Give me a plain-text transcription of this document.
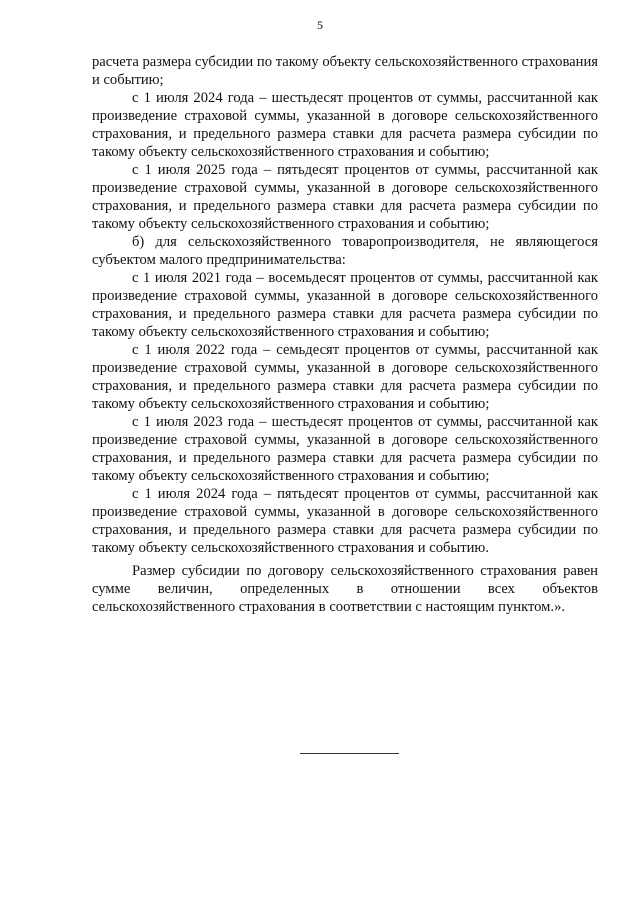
5

расчета размера субсидии по такому объекту сельскохозяйственного страхования и событию;

с 1 июля 2024 года – шестьдесят процентов от суммы, рассчитанной как произведение страховой суммы, указанной в договоре сельскохозяйственного страхования, и предельного размера ставки для расчета размера субсидии по такому объекту сельскохозяйственного страхования и событию;

с 1 июля 2025 года – пятьдесят процентов от суммы, рассчитанной как произведение страховой суммы, указанной в договоре сельскохозяйственного страхования, и предельного размера ставки для расчета размера субсидии по такому объекту сельскохозяйственного страхования и событию;

б) для сельскохозяйственного товаропроизводителя, не являющегося субъектом малого предпринимательства:

с 1 июля 2021 года – восемьдесят процентов от суммы, рассчитанной как произведение страховой суммы, указанной в договоре сельскохозяйственного страхования, и предельного размера ставки для расчета размера субсидии по такому объекту сельскохозяйственного страхования и событию;

с 1 июля 2022 года – семьдесят процентов от суммы, рассчитанной как произведение страховой суммы, указанной в договоре сельскохозяйственного страхования, и предельного размера ставки для расчета размера субсидии по такому объекту сельскохозяйственного страхования и событию;

с 1 июля 2023 года – шестьдесят процентов от суммы, рассчитанной как произведение страховой суммы, указанной в договоре сельскохозяйственного страхования, и предельного размера ставки для расчета размера субсидии по такому объекту сельскохозяйственного страхования и событию;

с 1 июля 2024 года – пятьдесят процентов от суммы, рассчитанной как произведение страховой суммы, указанной в договоре сельскохозяйственного страхования, и предельного размера ставки для расчета размера субсидии по такому объекту сельскохозяйственного страхования и событию.

Размер субсидии по договору сельскохозяйственного страхования равен сумме величин, определенных в отношении всех объектов сельскохозяйственного страхования в соответствии с настоящим пунктом.».
